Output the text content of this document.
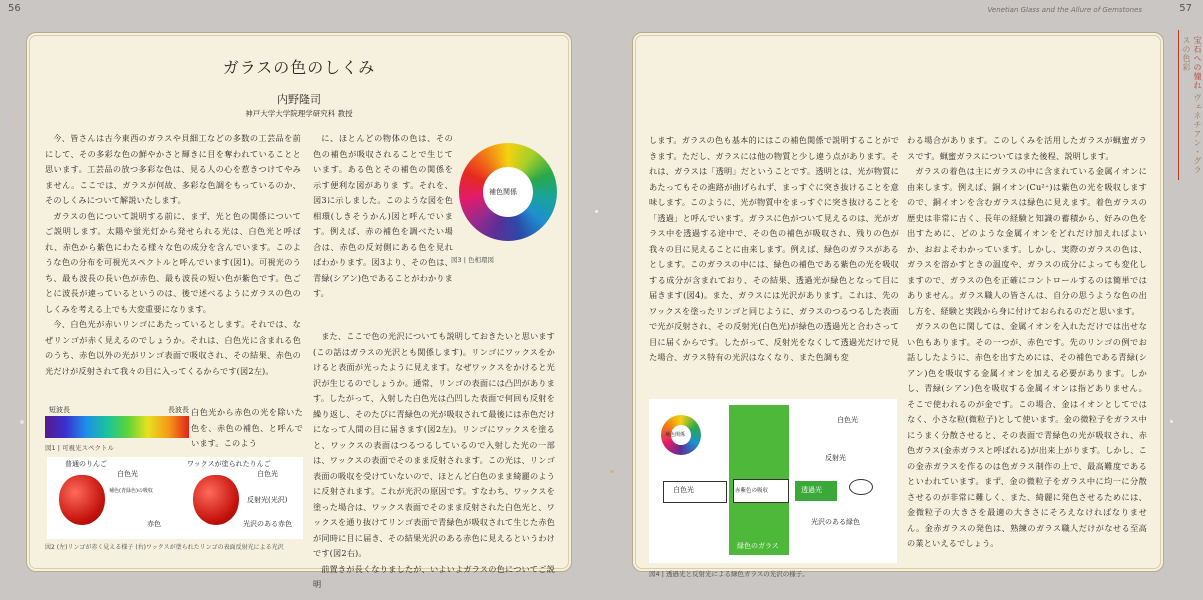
56	57
Venetian Glass and the Allure of Gemstones
宝石への憧れ ヴェネチアン・グラスの色彩
ガラスの色のしくみ
内野隆司
神戸大学大学院理学研究科 教授

今、皆さんは古今東西のガラスや貝細工などの多数の工芸品を前にして、その多彩な色の鮮やかさと輝きに目を奪われていることと思います。工芸品の放つ多彩な色は、見る人の心を惹きつけてやみません。ここでは、ガラスが何故、多彩な色調をもっているのか、そのしくみについて解説いたします。

ガラスの色について説明する前に、まず、光と色の関係についてご説明します。太陽や蛍光灯から発せられる光は、白色光と呼ばれ、赤色から紫色にわたる様々な色の成分を含んでいます。このような色の分布を可視光スペクトルと呼んでいます(図1)。可視光のうち、最も波長の長い色が赤色、最も波長の短い色が紫色です。色ごとに波長が違っているというのは、後で述べるようにガラスの色のしくみを考える上でも大変重要になります。

今、白色光が赤いリンゴにあたっているとします。それでは、なぜリンゴが赤く見えるのでしょうか。それは、白色光に含まれる色のうち、赤色以外の光がリンゴ表面で吸収され、その結果、赤色の光だけが反射されて我々の目に入ってくるからです(図2左)。

短波長	長波長
図1 | 可視光スペクトル
白色光から赤色の光を除いた色を、赤色の補色、と呼んでいます。このよう
普通のりんご	ワックスが塗られたりんご
白色光
補色(青緑色)の吸収
赤色
白色光
反射光(光沢)
光沢のある赤色
図2 (左)リンゴが赤く見える様子 (右)ワックスが塗られたリンゴの表面反射光による光沢

に、ほとんどの物体の色は、その色の補色が吸収されることで生じています。ある色とその補色の関係を示す便利な図がありま す。それを、図3に示しました。このような図を色相環(しきそうかん)図と呼んでいます。例えば、赤の補色を調べたい場合は、赤色の反対側にある色を見ればわかります。図3より、その色は、青緑(シアン)色であることがわかります。

補色関係
図3 | 色相環図

また、ここで色の光沢についても説明しておきたいと思います(この話はガラスの光沢とも関係します)。リンゴにワックスをかけると表面が光ったように見えます。なぜワックスをかけると光沢が生じるのでしょうか。通常、リンゴの表面には凸凹があります。したがって、入射した白色光は凸凹した表面で何回も反射を繰り返し、そのたびに青緑色の光が吸収されて最後には赤色だけになって人間の目に届きます(図2左)。リンゴにワックスを塗ると、ワックスの表面はつるつるしているので入射した光の一部は、ワックスの表面でそのまま反射されます。この光は、リンゴ表面の吸収を受けていないので、ほとんど白色のまま綺麗のように反射されます。これが光沢の原因です。すなわち、ワックスを塗った場合は、ワックス表面でそのまま反射された白色光と、ワックスを通り抜けてリンゴ表面で青緑色が吸収されて生じた赤色が同時に目に届き、その結果光沢のある赤色に見えるというわけです(図2右)。

前置きが長くなりましたが、いよいよガラスの色についてご説明

します。ガラスの色も基本的にはこの補色関係で説明することができます。ただし、ガラスには他の物質と少し違う点があります。それは、ガラスは「透明」だということです。透明とは、光が物質にあたってもその進路が曲げられず、まっすぐに突き抜けることを意味します。このように、光が物質中をまっすぐに突き抜けることを「透過」と呼んでいます。ガラスに色がついて見えるのは、光がガラス中を透過する途中で、その色の補色が吸収され、残りの色が我々の目に見えることに由来します。例えば、緑色のガラスがあるとします。このガラスの中には、緑色の補色である紫色の光を吸収する成分が含まれており、その結果、透過光が緑色となって目に届きます(図4)。また、ガラスには光沢があります。これは、先のワックスを塗ったリンゴと同じように、ガラスのつるつるした表面で光が反射され、その反射光(白色光)が緑色の透過光と合わさって目に届くからです。したがって、反射光をなくして透過光だけで見た場合、ガラス特有の光沢はなくなり、また色調も変

補色関係
緑色のガラス
白色光
反射光
白色光	赤紫色の吸収	透過光
光沢のある緑色
図4 | 透過光と反射光による緑色ガラスの光沢の様子。

わる場合があります。このしくみを活用したガラスが蝋蜜ガラスです。蝋蜜ガラスについてはまた後程、説明します。

ガラスの着色は主にガラスの中に含まれている金属イオンに由来します。例えば、銅イオン(Cu²⁺)は紫色の光を吸収しますので、銅イオンを含むガラスは緑色に見えます。着色ガラスの歴史は非常に古く、長年の経験と知識の蓄積から、好みの色を出すために、どのような金属イオンをどれだけ加えればよいか、おおよそわかっています。しかし、実際のガラスの色は、ガラスを溶かすときの温度や、ガラスの成分によっても変化しますので、ガラスの色を正確にコントロールするのは簡単ではありません。ガラス職人の皆さんは、自分の思うような色の出し方を、経験と実践から身に付けておられるのだと思います。

ガラスの色に関しては、金属イオンを入れただけでは出せない色もあります。その一つが、赤色です。先のリンゴの例でお話ししたように、赤色を出すためには、その補色である青緑(シアン)色を吸収する金属イオンを加える必要があります。しかし、青緑(シアン)色を吸収する金属イオンは指どありません。そこで使われるのが金です。この場合、金はイオンとしてではなく、小さな粒(微粒子)として使います。金の微粒子をガラス中にうまく分散させると、その表面で青緑色の光が吸収され、赤色ガラス(金赤ガラスと呼ばれる)が出来上がります。しかし、この金赤ガラスを作るのは色ガラス制作の上で、最高難度であるといわれています。まず、金の微粒子をガラス中に均一に分散させるのが非常に難しく、また、綺麗に発色させるためには、金微粒子の大きさを最適の大きさにそろえなければなりません。金赤ガラスの発色は、熟練のガラス職人だけがなせる至高の業といえるでしょう。
